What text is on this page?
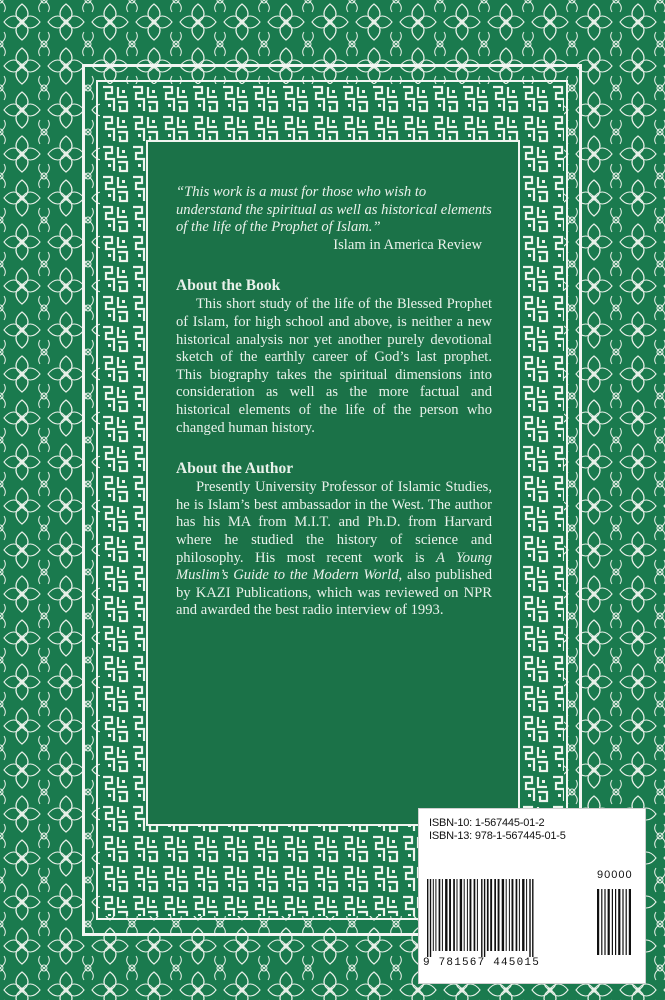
“This work is a must for those who wish to understand the spiritual as well as historical elements of the life of the Prophet of Islam.”

Islam in America Review

About the Book

This short study of the life of the Blessed Prophet of Islam, for high school and above, is neither a new historical analysis nor yet another purely devotional sketch of the earthly career of God’s last prophet. This biography takes the spiritual dimensions into consideration as well as the more factual and historical elements of the life of the person who changed human history.

About the Author

Presently University Professor of Islamic Studies, he is Islam’s best ambassador in the West. The author has his MA from M.I.T. and Ph.D. from Harvard where he studied the history of science and philosophy. His most recent work is A Young Muslim’s Guide to the Modern World, also published by KAZI Publications, which was reviewed on NPR and awarded the best radio interview of 1993.

ISBN-10: 1-567445-01-2
ISBN-13: 978-1-567445-01-5
90000
9 781567 445015
